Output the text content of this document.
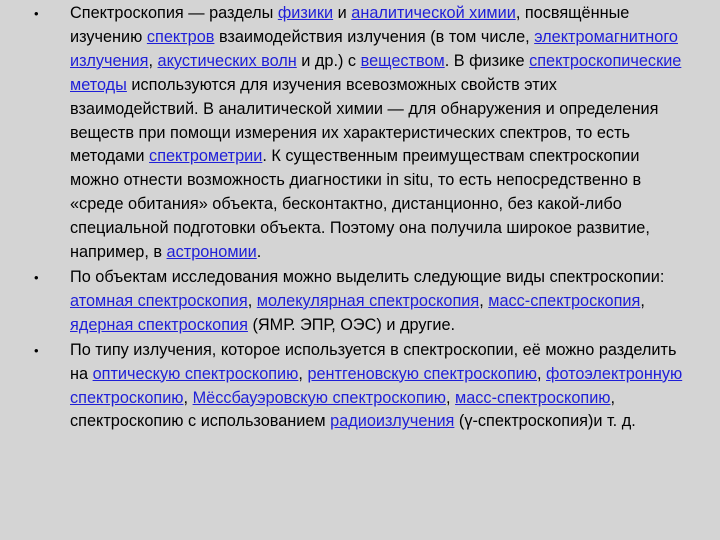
•	Спектроскопия — разделы физики и аналитической химии, посвящённые изучению спектров взаимодействия излучения (в том числе, электромагнитного излучения, акустических волн и др.) с веществом. В физике спектроскопические методы используются для изучения всевозможных свойств этих взаимодействий. В аналитической химии — для обнаружения и определения веществ при помощи измерения их характеристических спектров, то есть методами спектрометрии. К существенным преимуществам спектроскопии можно отнести возможность диагностики in situ, то есть непосредственно в «среде обитания» объекта, бесконтактно, дистанционно, без какой-либо специальной подготовки объекта. Поэтому она получила широкое развитие, например, в астрономии.
•	По объектам исследования можно выделить следующие виды спектроскопии: атомная спектроскопия, молекулярная спектроскопия, масс-спектроскопия, ядерная спектроскопия (ЯМР. ЭПР, ОЭС) и другие.
•	По типу излучения, которое используется в спектроскопии, её можно разделить на оптическую спектроскопию, рентгеновскую спектроскопию, фотоэлектронную спектроскопию, Мёссбауэровскую спектроскопию, масс-спектроскопию, спектроскопию с использованием радиоизлучения (γ-спектроскопия)и т. д.
